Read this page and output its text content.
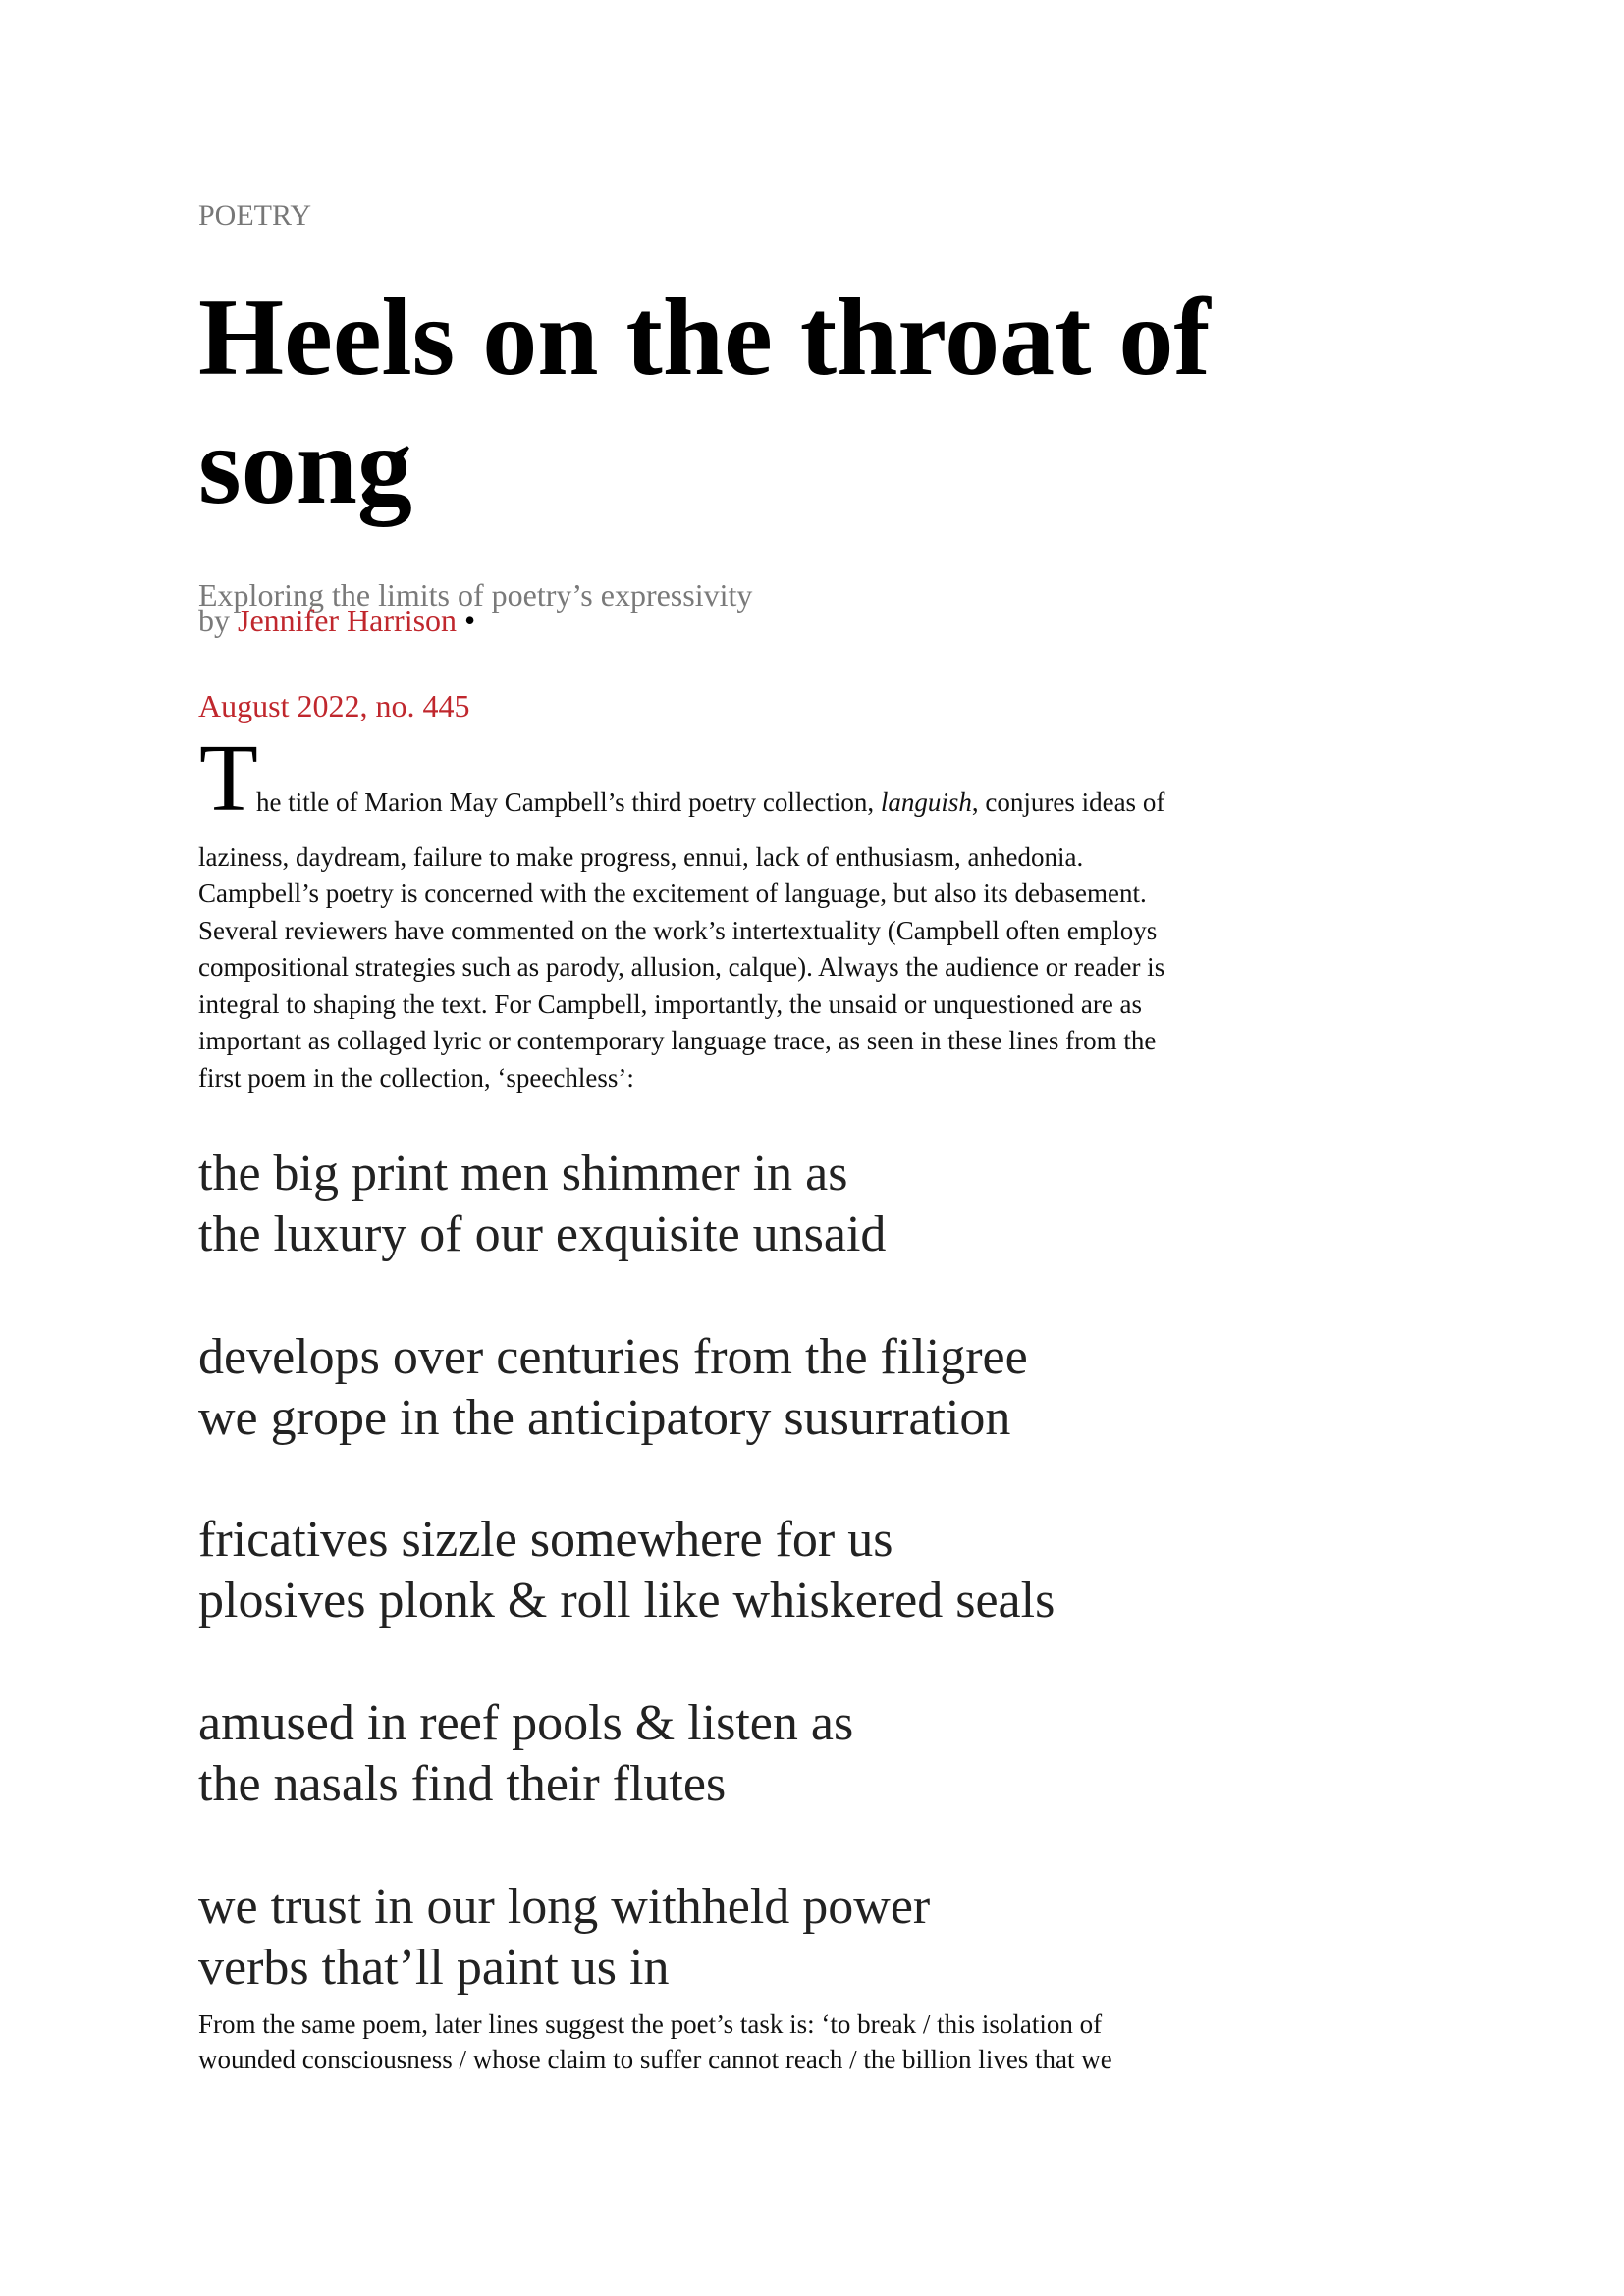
POETRY
Heels on the throat of
song
Exploring the limits of poetry’s expressivity
by Jennifer Harrison •
August 2022, no. 445
T

he title of Marion May Campbell’s third poetry collection, languish, conjures ideas of

laziness, daydream, failure to make progress, ennui, lack of enthusiasm, anhedonia.

Campbell’s poetry is concerned with the excitement of language, but also its debasement.

Several reviewers have commented on the work’s intertextuality (Campbell often employs

compositional strategies such as parody, allusion, calque). Always the audience or reader is

integral to shaping the text. For Campbell, importantly, the unsaid or unquestioned are as

important as collaged lyric or contemporary language trace, as seen in these lines from the

first poem in the collection, ‘speechless’:

the big print men shimmer in as

the luxury of our exquisite unsaid

develops over centuries from the filigree

we grope in the anticipatory susurration

fricatives sizzle somewhere for us

plosives plonk & roll like whiskered seals

amused in reef pools & listen as

the nasals find their flutes

we trust in our long withheld power

verbs that’ll paint us in

From the same poem, later lines suggest the poet’s task is: ‘to break / this isolation of

wounded consciousness / whose claim to suffer cannot reach / the billion lives that we
